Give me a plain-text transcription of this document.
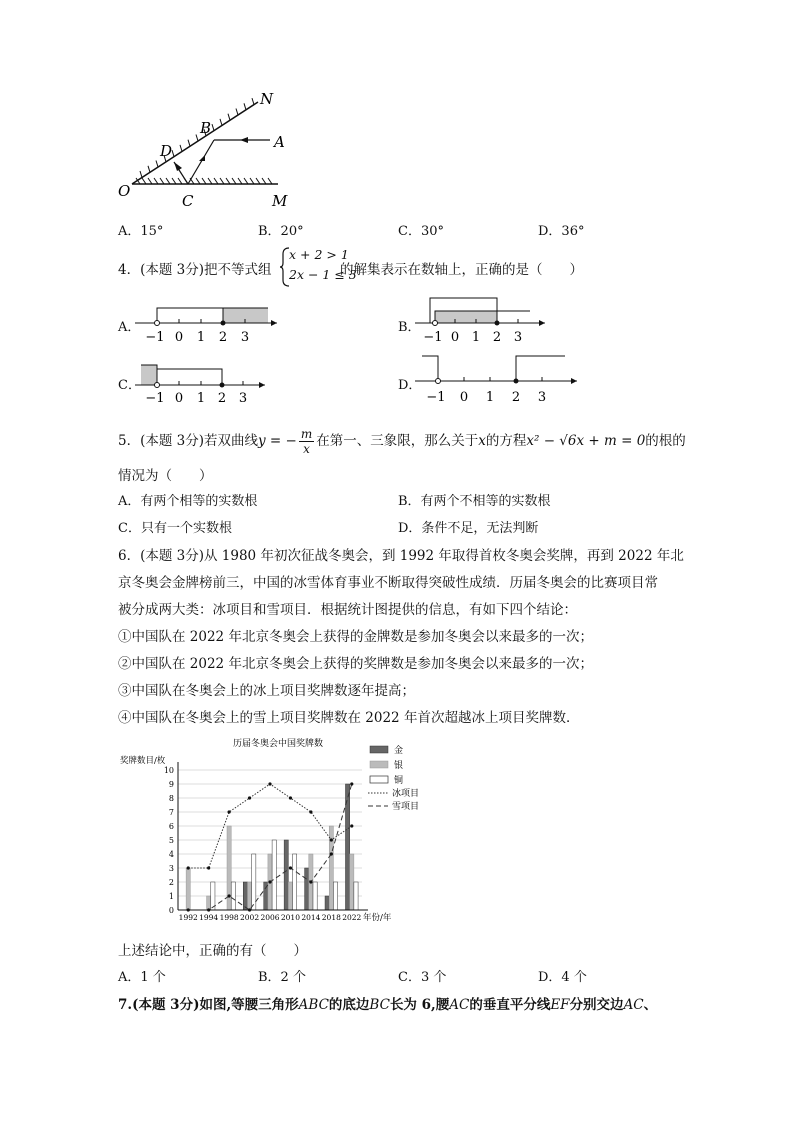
N
B
A
D
O
C	M
A．15°	B．20°	C．30°	D．36°
4．(本题 3分)把不等式组
x + 2 > 1
2x − 1 ≤ 3
的解集表示在数轴上，正确的是（　　）
A．
−1 0 1 2 3
B．
−1 0 1 2 3
C．
−1 0 1 2 3
D．
−1 0 1 2 3
5．(本题 3分)若双曲线y = − $\frac{m}{x}$ 在第一、三象限，那么关于x的方程x² − √6x + m = 0的根的
情况为（　　）
A．有两个相等的实数根	B．有两个不相等的实数根
C．只有一个实数根	D．条件不足，无法判断
6．(本题 3分)从 1980 年初次征战冬奥会，到 1992 年取得首枚冬奥会奖牌，再到 2022 年北
京冬奥会金牌榜前三，中国的冰雪体育事业不断取得突破性成绩．历届冬奥会的比赛项目常
被分成两大类：冰项目和雪项目．根据统计图提供的信息，有如下四个结论：
①中国队在 2022 年北京冬奥会上获得的金牌数是参加冬奥会以来最多的一次；
②中国队在 2022 年北京冬奥会上获得的奖牌数是参加冬奥会以来最多的一次；
③中国队在冬奥会上的冰上项目奖牌数逐年提高；
④中国队在冬奥会上的雪上项目奖牌数在 2022 年首次超越冰上项目奖牌数．
历届冬奥会中国奖牌数
奖牌数目/枚
年份/年
0
1
2
3
4
5
6
7
8
9
10
1992 1994 1998 2002 2006 2010 2014 2018 2022
金
银
铜
冰项目
雪项目
上述结论中，正确的有（　　）
A．1 个	B．2 个	C．3 个	D．4 个
7.(本题 3分)如图,等腰三角形ABC的底边BC长为 6,腰AC的垂直平分线EF分别交边AC、
